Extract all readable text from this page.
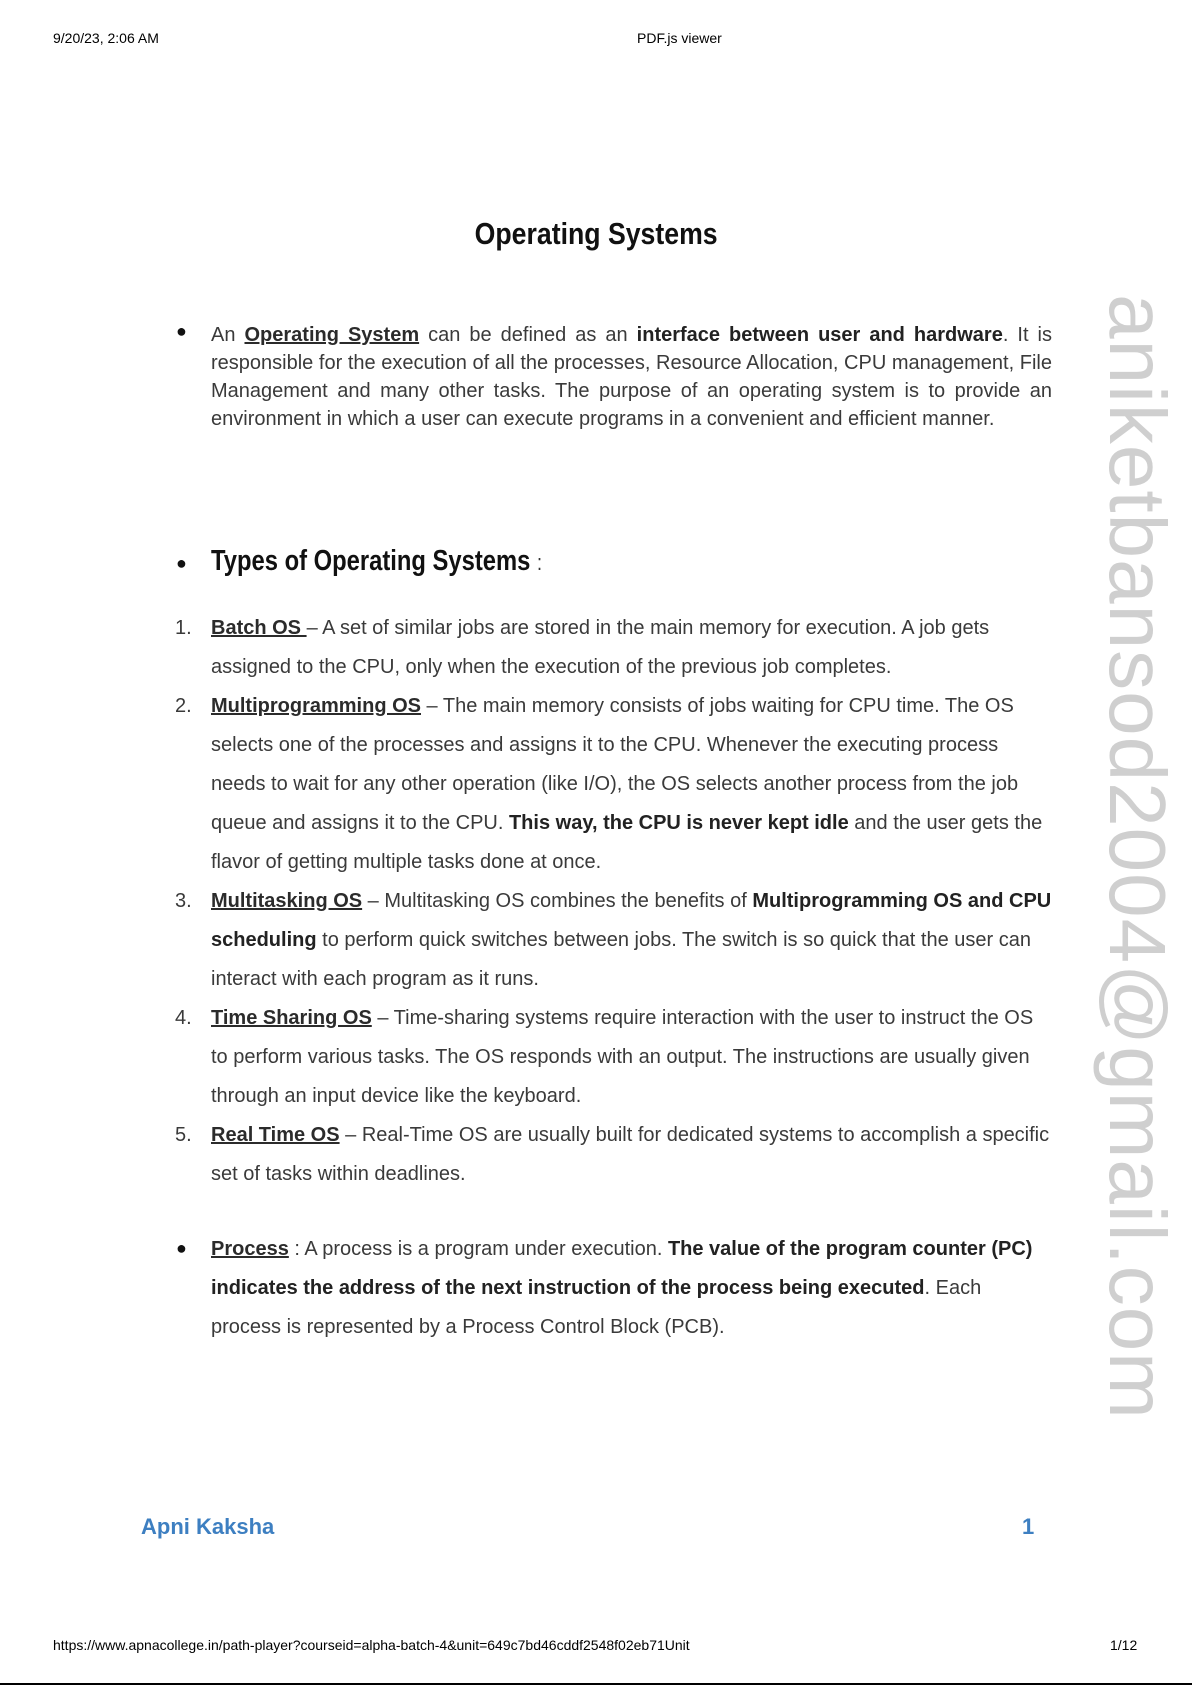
9/20/23, 2:06 AM	PDF.js viewer
Operating Systems
● An Operating System can be defined as an interface between user and hardware. It is responsible for the execution of all the processes, Resource Allocation, CPU management, File Management and many other tasks. The purpose of an operating system is to provide an environment in which a user can execute programs in a convenient and efficient manner.
● Types of Operating Systems :
1. Batch OS – A set of similar jobs are stored in the main memory for execution. A job gets assigned to the CPU, only when the execution of the previous job completes.
2. Multiprogramming OS – The main memory consists of jobs waiting for CPU time. The OS selects one of the processes and assigns it to the CPU. Whenever the executing process needs to wait for any other operation (like I/O), the OS selects another process from the job queue and assigns it to the CPU. This way, the CPU is never kept idle and the user gets the flavor of getting multiple tasks done at once.
3. Multitasking OS – Multitasking OS combines the benefits of Multiprogramming OS and CPU scheduling to perform quick switches between jobs. The switch is so quick that the user can interact with each program as it runs.
4. Time Sharing OS – Time-sharing systems require interaction with the user to instruct the OS to perform various tasks. The OS responds with an output. The instructions are usually given through an input device like the keyboard.
5. Real Time OS – Real-Time OS are usually built for dedicated systems to accomplish a specific set of tasks within deadlines.
● Process : A process is a program under execution. The value of the program counter (PC) indicates the address of the next instruction of the process being executed. Each process is represented by a Process Control Block (PCB).	aniketbansod2004@gmail.com
Apni Kaksha	1
https://www.apnacollege.in/path-player?courseid=alpha-batch-4&unit=649c7bd46cddf2548f02eb71Unit	1/12
